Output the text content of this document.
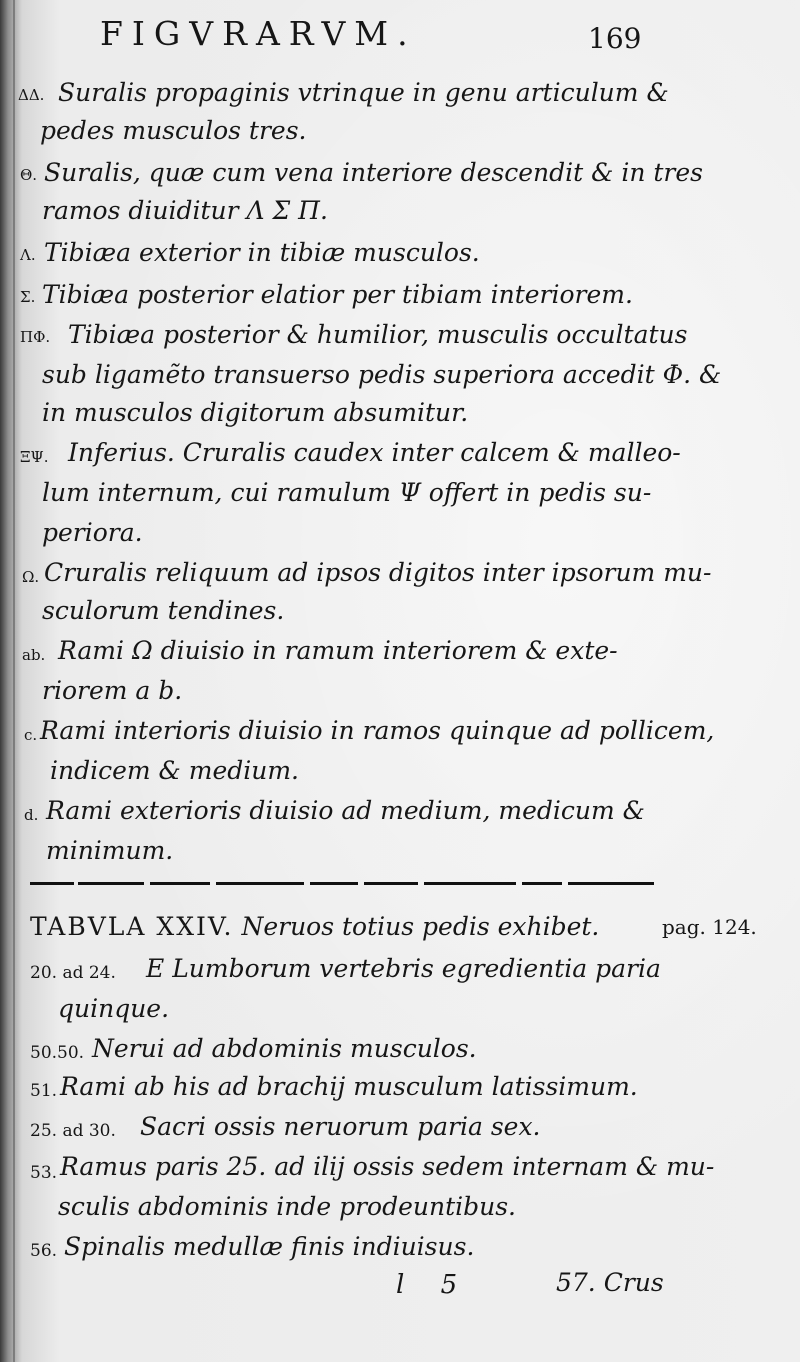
FIGVRARVM.	169
ΔΔ. Suralis propaginis vtrinque in genu articulum &
pedes musculos tres.
Θ. Suralis, quæ cum vena interiore descendit & in tres
ramos diuiditur Λ Σ Π.
Λ. Tibiæa exterior in tibiæ musculos.
Σ. Tibiæa posterior elatior per tibiam interiorem.
ΠΦ. Tibiæa posterior & humilior, musculis occultatus
sub ligamẽto transuerso pedis superiora accedit Φ. &
in musculos digitorum absumitur.
ΞΨ. Inferius. Cruralis caudex inter calcem & malleo-
lum internum, cui ramulum Ψ offert in pedis su-
periora.
Ω. Cruralis reliquum ad ipsos digitos inter ipsorum mu-
sculorum tendines.
ab. Rami Ω diuisio in ramum interiorem & exte-
riorem a b.
c. Rami interioris diuisio in ramos quinque ad pollicem,
indicem & medium.
d. Rami exterioris diuisio ad medium, medicum &
minimum.
TABVLA XXIV. Neruos totius pedis exhibet.	pag. 124.
20. ad 24. E Lumborum vertebris egredientia paria
quinque.
50.50. Nerui ad abdominis musculos.
51. Rami ab his ad brachij musculum latissimum.
25. ad 30. Sacri ossis neruorum paria sex.
53. Ramus paris 25. ad ilij ossis sedem internam & mu-
sculis abdominis inde prodeuntibus.
56. Spinalis medullæ finis indiuisus.
l 5	57. Crus
